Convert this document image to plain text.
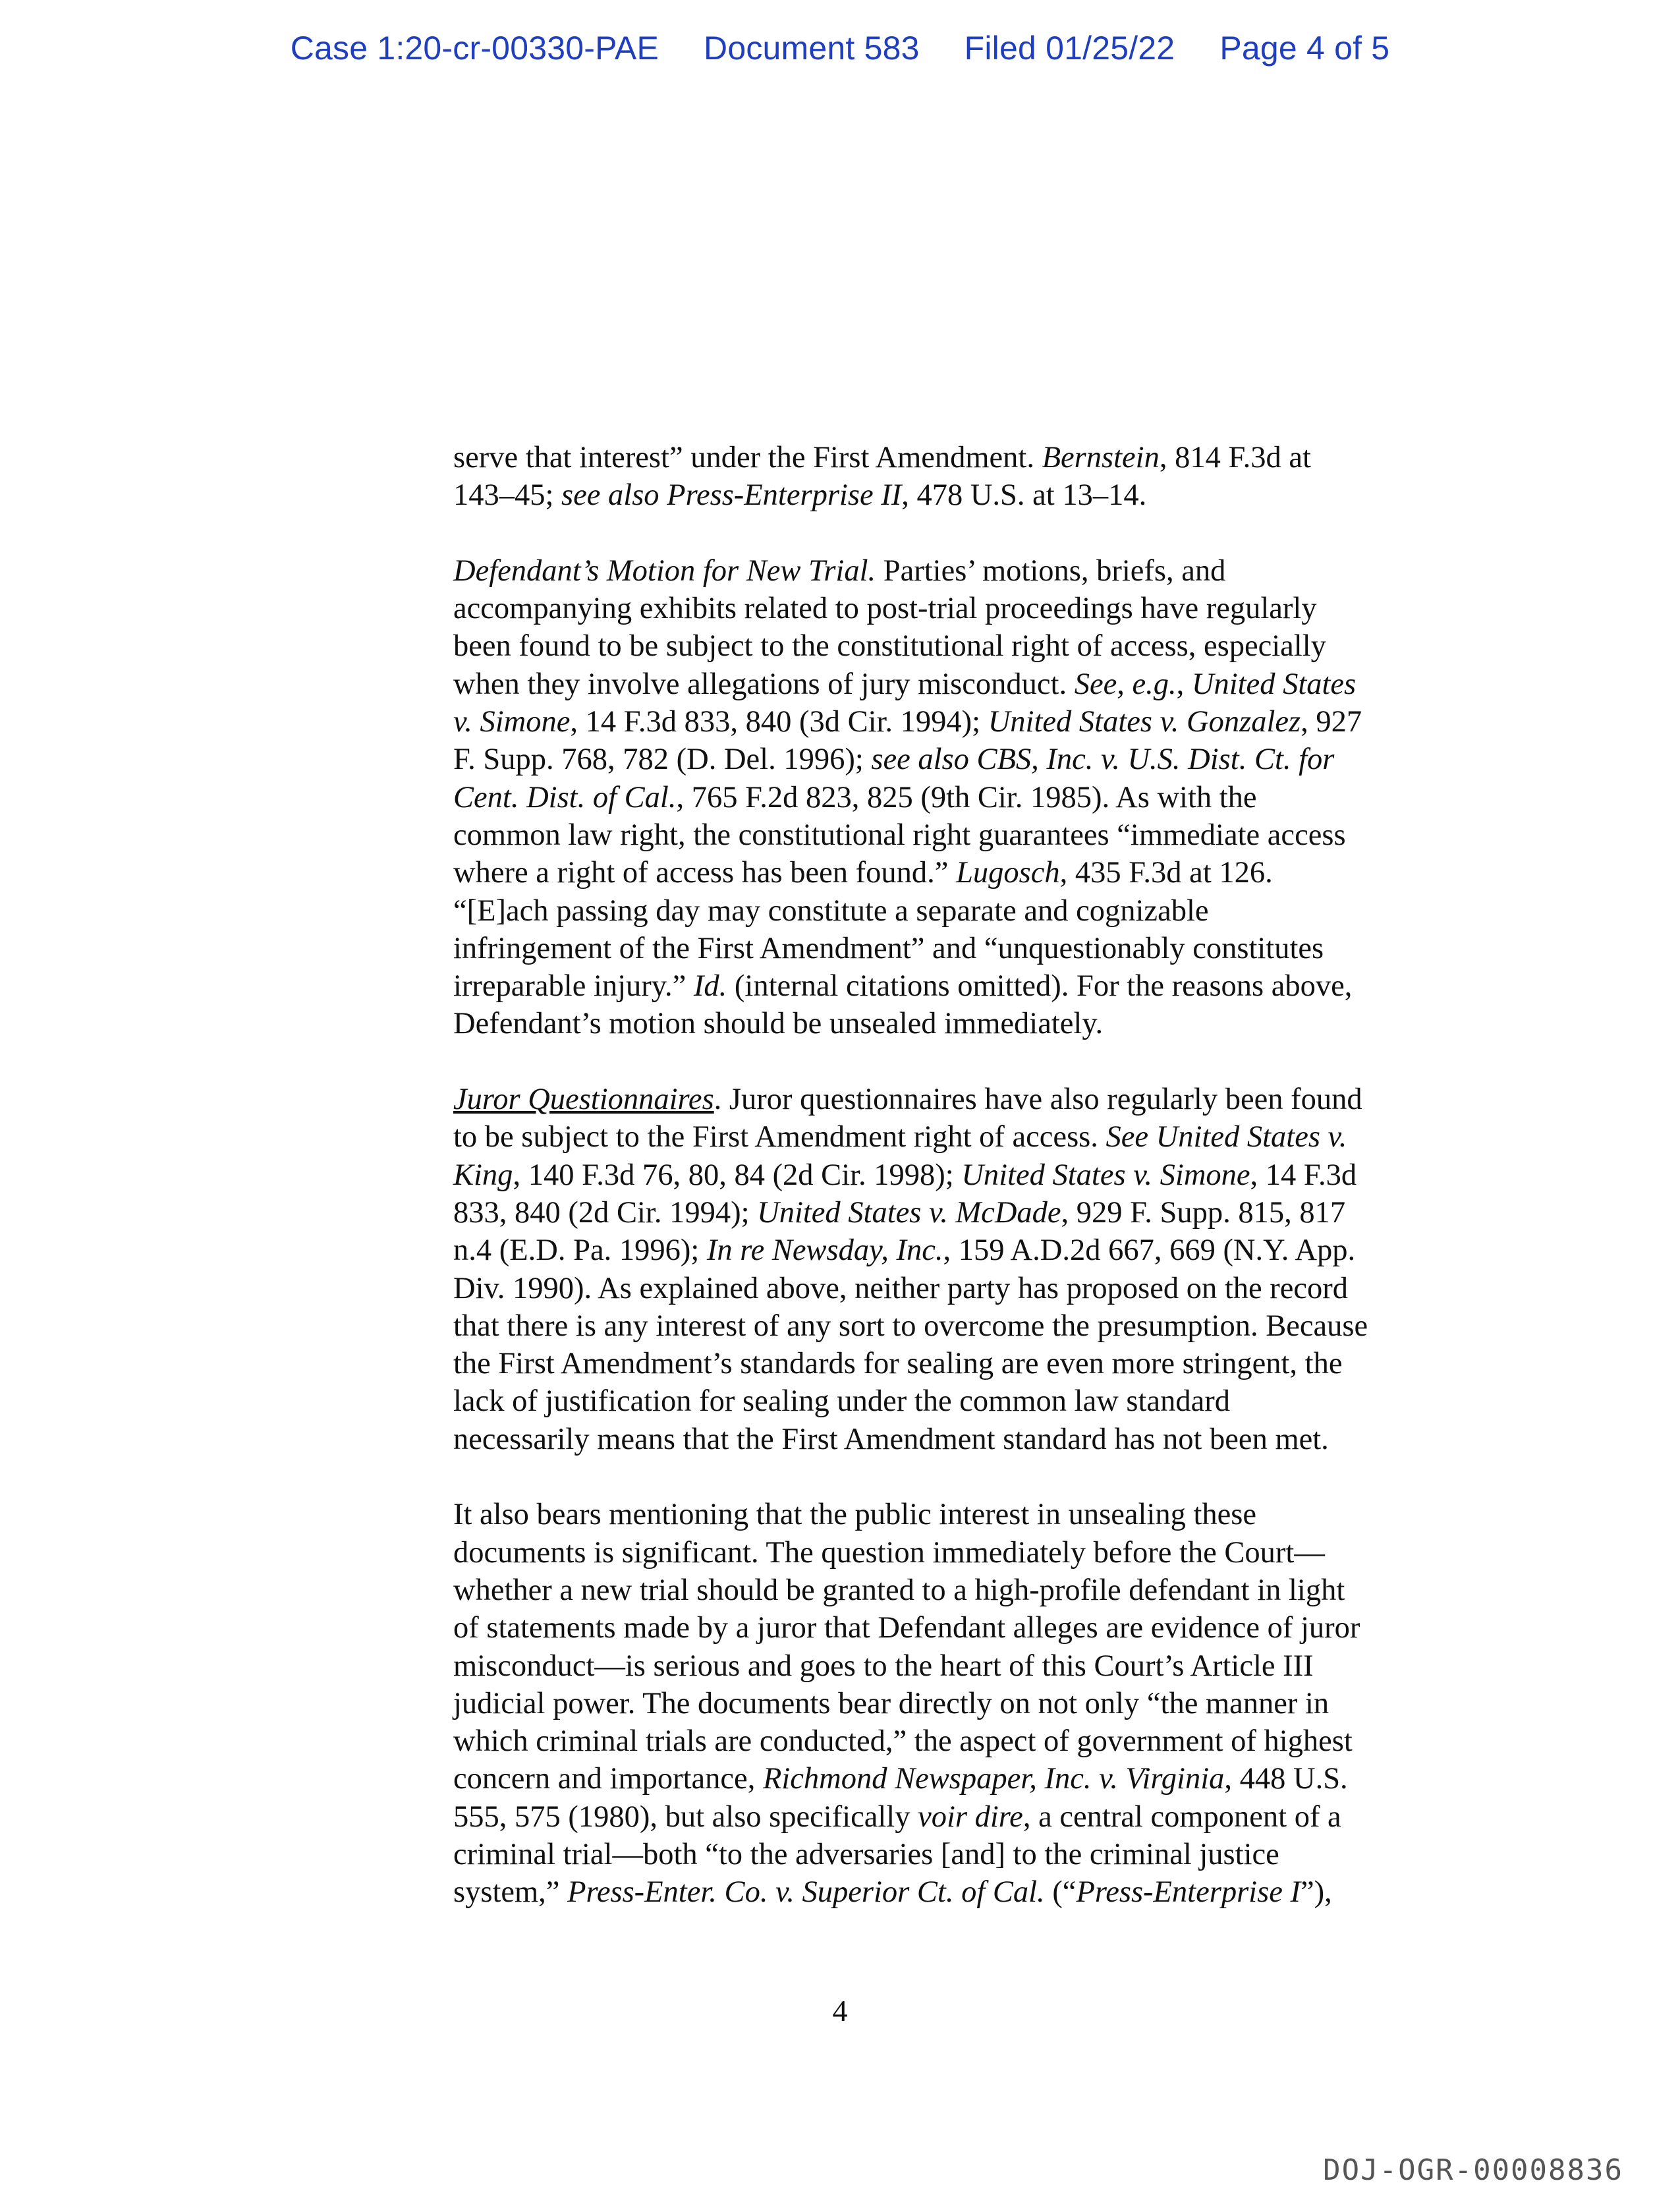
Case 1:20-cr-00330-PAE Document 583 Filed 01/25/22 Page 4 of 5

serve that interest” under the First Amendment. Bernstein, 814 F.3d at
143–45; see also Press-Enterprise II, 478 U.S. at 13–14.

Defendant’s Motion for New Trial. Parties’ motions, briefs, and
accompanying exhibits related to post-trial proceedings have regularly
been found to be subject to the constitutional right of access, especially
when they involve allegations of jury misconduct. See, e.g., United States
v. Simone, 14 F.3d 833, 840 (3d Cir. 1994); United States v. Gonzalez, 927
F. Supp. 768, 782 (D. Del. 1996); see also CBS, Inc. v. U.S. Dist. Ct. for
Cent. Dist. of Cal., 765 F.2d 823, 825 (9th Cir. 1985). As with the
common law right, the constitutional right guarantees “immediate access
where a right of access has been found.” Lugosch, 435 F.3d at 126.
“[E]ach passing day may constitute a separate and cognizable
infringement of the First Amendment” and “unquestionably constitutes
irreparable injury.” Id. (internal citations omitted). For the reasons above,
Defendant’s motion should be unsealed immediately.

Juror Questionnaires. Juror questionnaires have also regularly been found
to be subject to the First Amendment right of access. See United States v.
King, 140 F.3d 76, 80, 84 (2d Cir. 1998); United States v. Simone, 14 F.3d
833, 840 (2d Cir. 1994); United States v. McDade, 929 F. Supp. 815, 817
n.4 (E.D. Pa. 1996); In re Newsday, Inc., 159 A.D.2d 667, 669 (N.Y. App.
Div. 1990). As explained above, neither party has proposed on the record
that there is any interest of any sort to overcome the presumption. Because
the First Amendment’s standards for sealing are even more stringent, the
lack of justification for sealing under the common law standard
necessarily means that the First Amendment standard has not been met.

It also bears mentioning that the public interest in unsealing these
documents is significant. The question immediately before the Court—
whether a new trial should be granted to a high-profile defendant in light
of statements made by a juror that Defendant alleges are evidence of juror
misconduct—is serious and goes to the heart of this Court’s Article III
judicial power. The documents bear directly on not only “the manner in
which criminal trials are conducted,” the aspect of government of highest
concern and importance, Richmond Newspaper, Inc. v. Virginia, 448 U.S.
555, 575 (1980), but also specifically voir dire, a central component of a
criminal trial—both “to the adversaries [and] to the criminal justice
system,” Press-Enter. Co. v. Superior Ct. of Cal. (“Press-Enterprise I”),

4
DOJ-OGR-00008836
